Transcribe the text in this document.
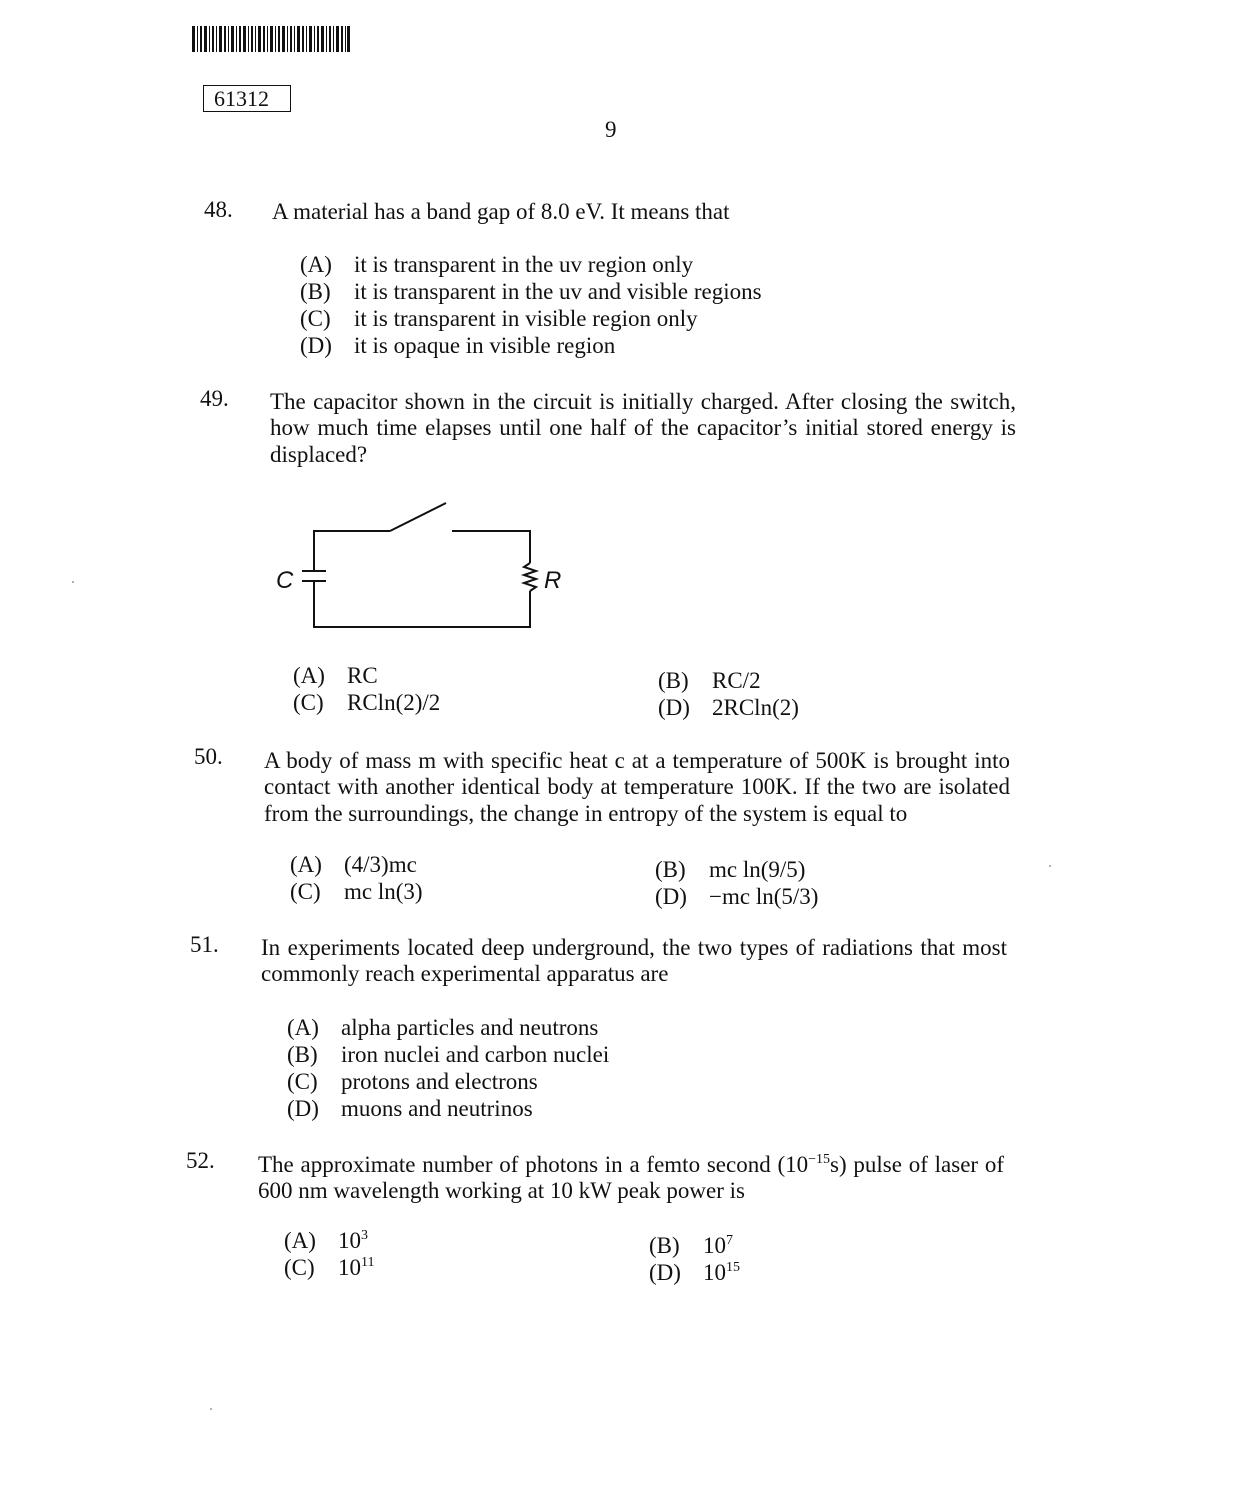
61312
9
48.	A material has a band gap of 8.0 eV. It means that
(A) it is transparent in the uv region only
(B) it is transparent in the uv and visible regions
(C) it is transparent in visible region only
(D) it is opaque in visible region
49.	The capacitor shown in the circuit is initially charged. After closing the switch, how much time elapses until one half of the capacitor’s initial stored energy is displaced?
C	R
(A) RC	(B) RC/2
(C) RCln(2)/2	(D) 2RCln(2)
50.	A body of mass m with specific heat c at a temperature of 500K is brought into contact with another identical body at temperature 100K. If the two are isolated from the surroundings, the change in entropy of the system is equal to
(A) (4/3)mc	(B) mc ln(9/5)
(C) mc ln(3)	(D) −mc ln(5/3)
51.	In experiments located deep underground, the two types of radiations that most commonly reach experimental apparatus are
(A) alpha particles and neutrons
(B) iron nuclei and carbon nuclei
(C) protons and electrons
(D) muons and neutrinos
52.	The approximate number of photons in a femto second $(10^{-15}s)$ pulse of laser of 600 nm wavelength working at 10 kW peak power is
(A) $10^3$	(B) $10^7$
(C) $10^{11}$	(D) $10^{15}$
